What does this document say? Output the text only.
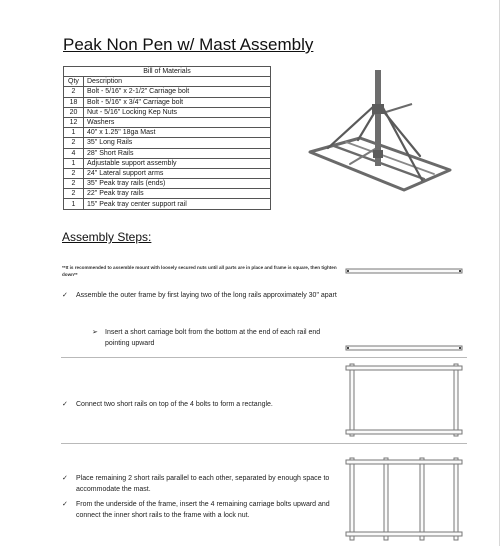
Peak Non Pen w/ Mast Assembly
Bill of Materials	
Qty	Description
2	Bolt - 5/16" x 2-1/2" Carriage bolt
18	Bolt - 5/16" x 3/4" Carriage bolt
20	Nut - 5/16" Locking Kep Nuts
12	Washers
1	40" x 1.25" 18ga Mast
2	35" Long Rails
4	28" Short Rails
1	Adjustable support assembly
2	24" Lateral support arms
2	35" Peak tray rails (ends)
2	22" Peak tray rails
1	15" Peak tray center support rail
Assembly Steps:
**It is recommended to assemble mount with loosely secured nuts until all parts are in place and frame is square, then tighten down**
✓	Assemble the outer frame by first laying two of the long rails approximately 30" apart
➢	Insert a short carriage bolt from the bottom at the end of each rail end pointing upward
✓	Connect two short rails on top of the 4 bolts to form a rectangle.
✓	Place remaining 2 short rails parallel to each other, separated by enough space to accommodate the mast.
✓	From the underside of the frame, insert the 4 remaining carriage bolts upward and connect the inner short rails to the frame with a lock nut.
